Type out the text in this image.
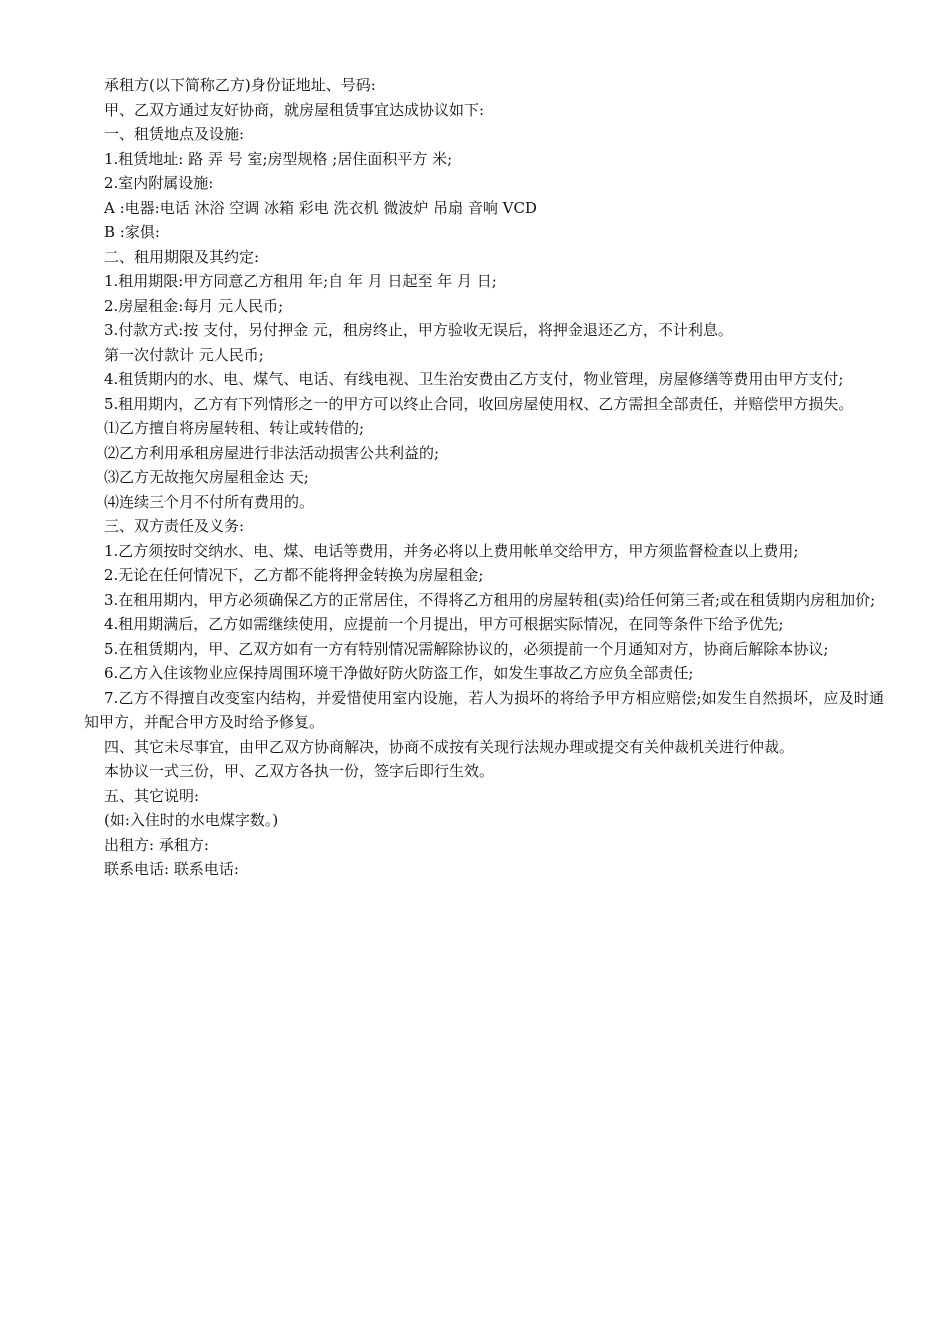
承租方(以下简称乙方)身份证地址、号码:

甲、乙双方通过友好协商，就房屋租赁事宜达成协议如下:

一、租赁地点及设施:

1.租赁地址: 路 弄 号 室;房型规格 ;居住面积平方 米;

2.室内附属设施:

A :电器:电话 沐浴 空调 冰箱 彩电 洗衣机 微波炉 吊扇 音响 VCD

B :家俱:

二、租用期限及其约定:

1.租用期限:甲方同意乙方租用 年;自 年 月 日起至 年 月 日;

2.房屋租金:每月 元人民币;

3.付款方式:按 支付，另付押金 元，租房终止，甲方验收无误后，将押金退还乙方，不计利息。

第一次付款计 元人民币;

4.租赁期内的水、电、煤气、电话、有线电视、卫生治安费由乙方支付，物业管理，房屋修缮等费用由甲方支付;

5.租用期内，乙方有下列情形之一的甲方可以终止合同，收回房屋使用权、乙方需担全部责任，并赔偿甲方损失。

⑴乙方擅自将房屋转租、转让或转借的;

⑵乙方利用承租房屋进行非法活动损害公共利益的;

⑶乙方无故拖欠房屋租金达 天;

⑷连续三个月不付所有费用的。

三、双方责任及义务:

1.乙方须按时交纳水、电、煤、电话等费用，并务必将以上费用帐单交给甲方，甲方须监督检查以上费用;

2.无论在任何情况下，乙方都不能将押金转换为房屋租金;

3.在租用期内，甲方必须确保乙方的正常居住，不得将乙方租用的房屋转租(卖)给任何第三者;或在租赁期内房租加价;

4.租用期满后，乙方如需继续使用，应提前一个月提出，甲方可根据实际情况，在同等条件下给予优先;

5.在租赁期内，甲、乙双方如有一方有特别情况需解除协议的，必须提前一个月通知对方，协商后解除本协议;

6.乙方入住该物业应保持周围环境干净做好防火防盗工作，如发生事故乙方应负全部责任;

7.乙方不得擅自改变室内结构，并爱惜使用室内设施，若人为损坏的将给予甲方相应赔偿;如发生自然损坏，应及时通知甲方，并配合甲方及时给予修复。

四、其它未尽事宜，由甲乙双方协商解决，协商不成按有关现行法规办理或提交有关仲裁机关进行仲裁。

本协议一式三份，甲、乙双方各执一份，签字后即行生效。

五、其它说明:

(如:入住时的水电煤字数。)

出租方: 承租方:

联系电话: 联系电话:
